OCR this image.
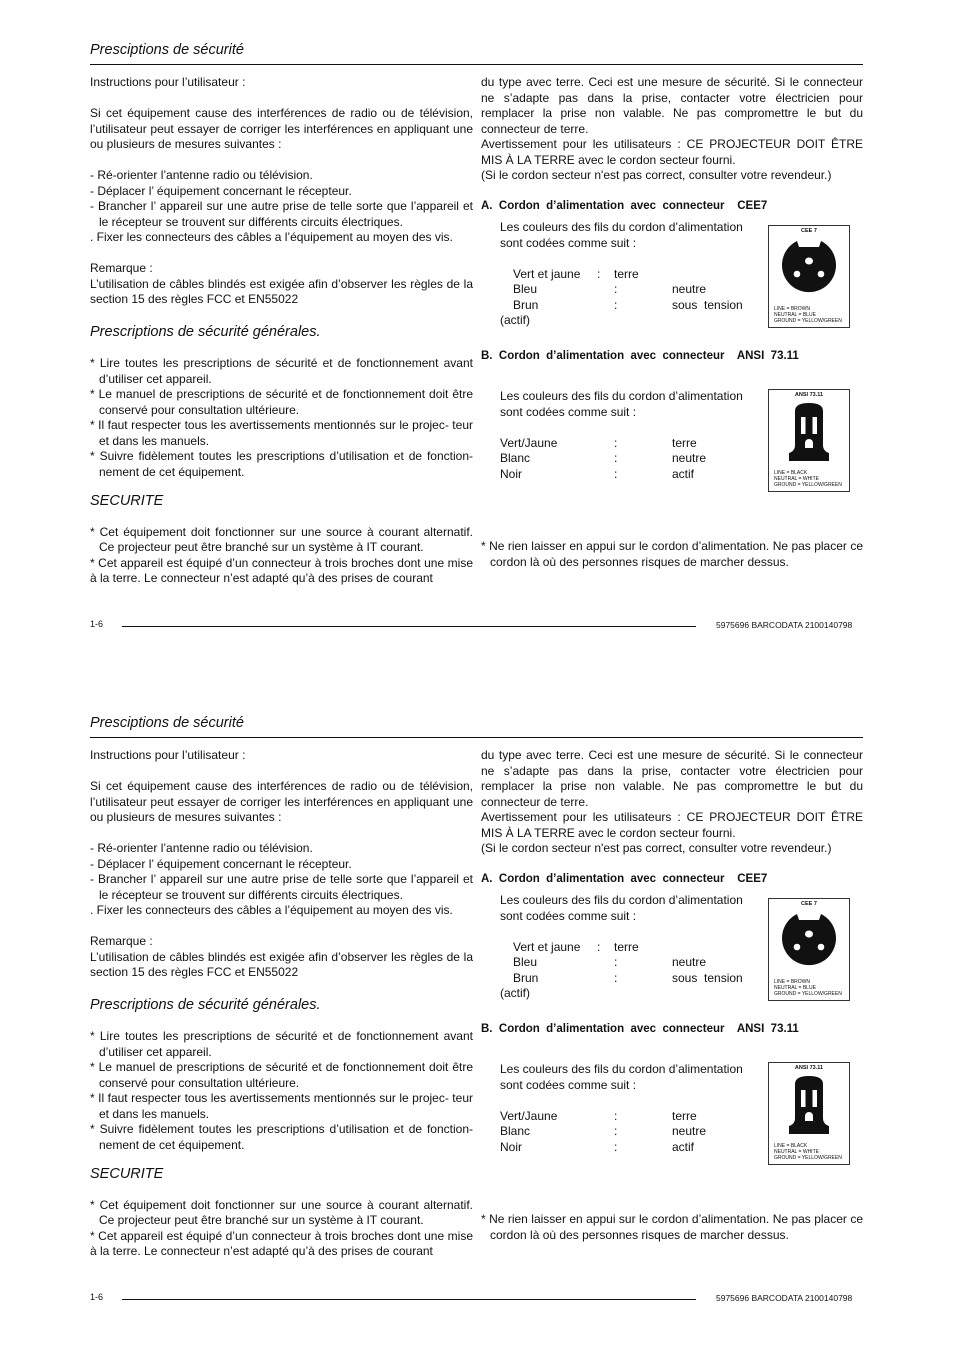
Presciptions de sécurité

Instructions pour l’utilisateur :

Si cet équipement cause des interférences de radio ou de télévision, l’utilisateur peut essayer de corriger les interférences en appliquant une ou plusieurs de mesures suivantes :

- Ré-orienter l’antenne radio ou télévision.

- Déplacer l’ équipement concernant le récepteur.

- Brancher l’ appareil sur une autre prise de telle sorte que l’appareil et le récepteur se trouvent sur différents circuits électriques.

. Fixer les connecteurs des câbles a l’équipement au moyen des vis.

Remarque :

L’utilisation de câbles blindés est exigée afin d’observer les règles de la section 15 des règles FCC et EN55022

Prescriptions de sécurité générales.

* Lire toutes les prescriptions de sécurité et de fonctionnement avant d’utiliser cet appareil.

* Le manuel de prescriptions de sécurité et de fonctionnement doit être conservé pour consultation ultérieure.

* Il faut respecter tous les avertissements mentionnés sur le projec- teur et dans les manuels.

* Suivre fidèlement toutes les prescriptions d’utilisation et de fonction- nement de cet équipement.

SECURITE

* Cet équipement doit fonctionner sur une source à courant alternatif. Ce projecteur peut être branché sur un système à IT courant.

* Cet appareil est équipé d’un connecteur à trois broches dont une mise à la terre. Le connecteur n’est adapté qu’à des prises de courant

du type avec terre. Ceci est une mesure de sécurité. Si le connecteur ne s’adapte pas dans la prise, contacter votre électricien pour remplacer la prise non valable. Ne pas compromettre le but du connecteur de terre.

Avertissement pour les utilisateurs : CE PROJECTEUR DOIT ÊTRE MIS À LA TERRE avec le cordon secteur fourni.

(Si le cordon secteur n'est pas correct, consulter votre revendeur.)

A.  Cordon  d’alimentation  avec  connecteur    CEE7

Les couleurs des fils du cordon d’alimentation sont codées comme suit :

Vert et jaune : terre
Bleu	:	neutre
Brun	:	sous  tension
(actif)
CEE 7
LINE = BROWN
NEUTRAL = BLUE
GROUND = YELLOW/GREEN
B.  Cordon  d’alimentation  avec  connecteur    ANSI  73.11

Les couleurs des fils du cordon d’alimentation sont codées comme suit :

Vert/Jaune	:	terre
Blanc	:	neutre
Noir	:	actif
ANSI 73.11
LINE = BLACK
NEUTRAL = WHITE
GROUND = YELLOW/GREEN

* Ne rien laisser en appui sur le cordon d’alimentation. Ne pas placer ce cordon là où des personnes risques de marcher dessus.

1-6	5975696 BARCODATA 2100140798
Presciptions de sécurité

Instructions pour l’utilisateur :

Si cet équipement cause des interférences de radio ou de télévision, l’utilisateur peut essayer de corriger les interférences en appliquant une ou plusieurs de mesures suivantes :

- Ré-orienter l’antenne radio ou télévision.

- Déplacer l’ équipement concernant le récepteur.

- Brancher l’ appareil sur une autre prise de telle sorte que l’appareil et le récepteur se trouvent sur différents circuits électriques.

. Fixer les connecteurs des câbles a l’équipement au moyen des vis.

Remarque :

L’utilisation de câbles blindés est exigée afin d’observer les règles de la section 15 des règles FCC et EN55022

Prescriptions de sécurité générales.

* Lire toutes les prescriptions de sécurité et de fonctionnement avant d’utiliser cet appareil.

* Le manuel de prescriptions de sécurité et de fonctionnement doit être conservé pour consultation ultérieure.

* Il faut respecter tous les avertissements mentionnés sur le projec- teur et dans les manuels.

* Suivre fidèlement toutes les prescriptions d’utilisation et de fonction- nement de cet équipement.

SECURITE

* Cet équipement doit fonctionner sur une source à courant alternatif. Ce projecteur peut être branché sur un système à IT courant.

* Cet appareil est équipé d’un connecteur à trois broches dont une mise à la terre. Le connecteur n’est adapté qu’à des prises de courant

du type avec terre. Ceci est une mesure de sécurité. Si le connecteur ne s’adapte pas dans la prise, contacter votre électricien pour remplacer la prise non valable. Ne pas compromettre le but du connecteur de terre.

Avertissement pour les utilisateurs : CE PROJECTEUR DOIT ÊTRE MIS À LA TERRE avec le cordon secteur fourni.

(Si le cordon secteur n'est pas correct, consulter votre revendeur.)

A.  Cordon  d’alimentation  avec  connecteur    CEE7

Les couleurs des fils du cordon d’alimentation sont codées comme suit :

Vert et jaune : terre
Bleu	:	neutre
Brun	:	sous  tension
(actif)
CEE 7
LINE = BROWN
NEUTRAL = BLUE
GROUND = YELLOW/GREEN
B.  Cordon  d’alimentation  avec  connecteur    ANSI  73.11

Les couleurs des fils du cordon d’alimentation sont codées comme suit :

Vert/Jaune	:	terre
Blanc	:	neutre
Noir	:	actif
ANSI 73.11
LINE = BLACK
NEUTRAL = WHITE
GROUND = YELLOW/GREEN

* Ne rien laisser en appui sur le cordon d’alimentation. Ne pas placer ce cordon là où des personnes risques de marcher dessus.

1-6	5975696 BARCODATA 2100140798
